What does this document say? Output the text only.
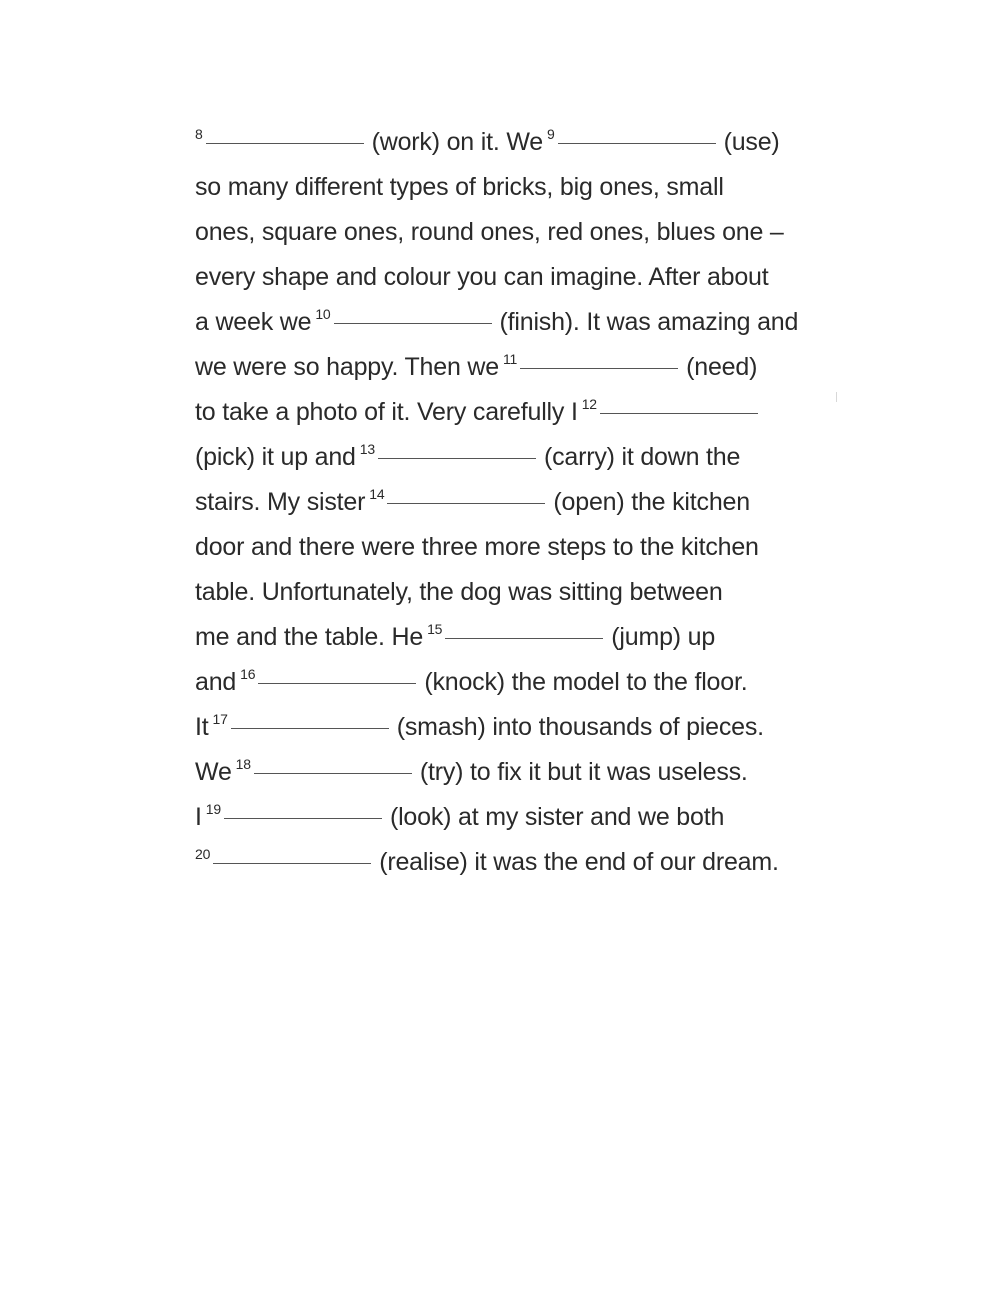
$^8$	(work) on it. We $^9$	(use)
so many different types of bricks, big ones, small
ones, square ones, round ones, red ones, blues one –
every shape and colour you can imagine. After about
a week we $^{10}$	(finish). It was amazing and
we were so happy. Then we $^{11}$	(need)
to take a photo of it. Very carefully I $^{12}$
(pick) it up and $^{13}$	(carry) it down the
stairs. My sister $^{14}$	(open) the kitchen
door and there were three more steps to the kitchen
table. Unfortunately, the dog was sitting between
me and the table. He $^{15}$	(jump) up
and $^{16}$	(knock) the model to the floor.
It $^{17}$	(smash) into thousands of pieces.
We $^{18}$	(try) to fix it but it was useless.
I $^{19}$	(look) at my sister and we both
$^{20}$	(realise) it was the end of our dream.
